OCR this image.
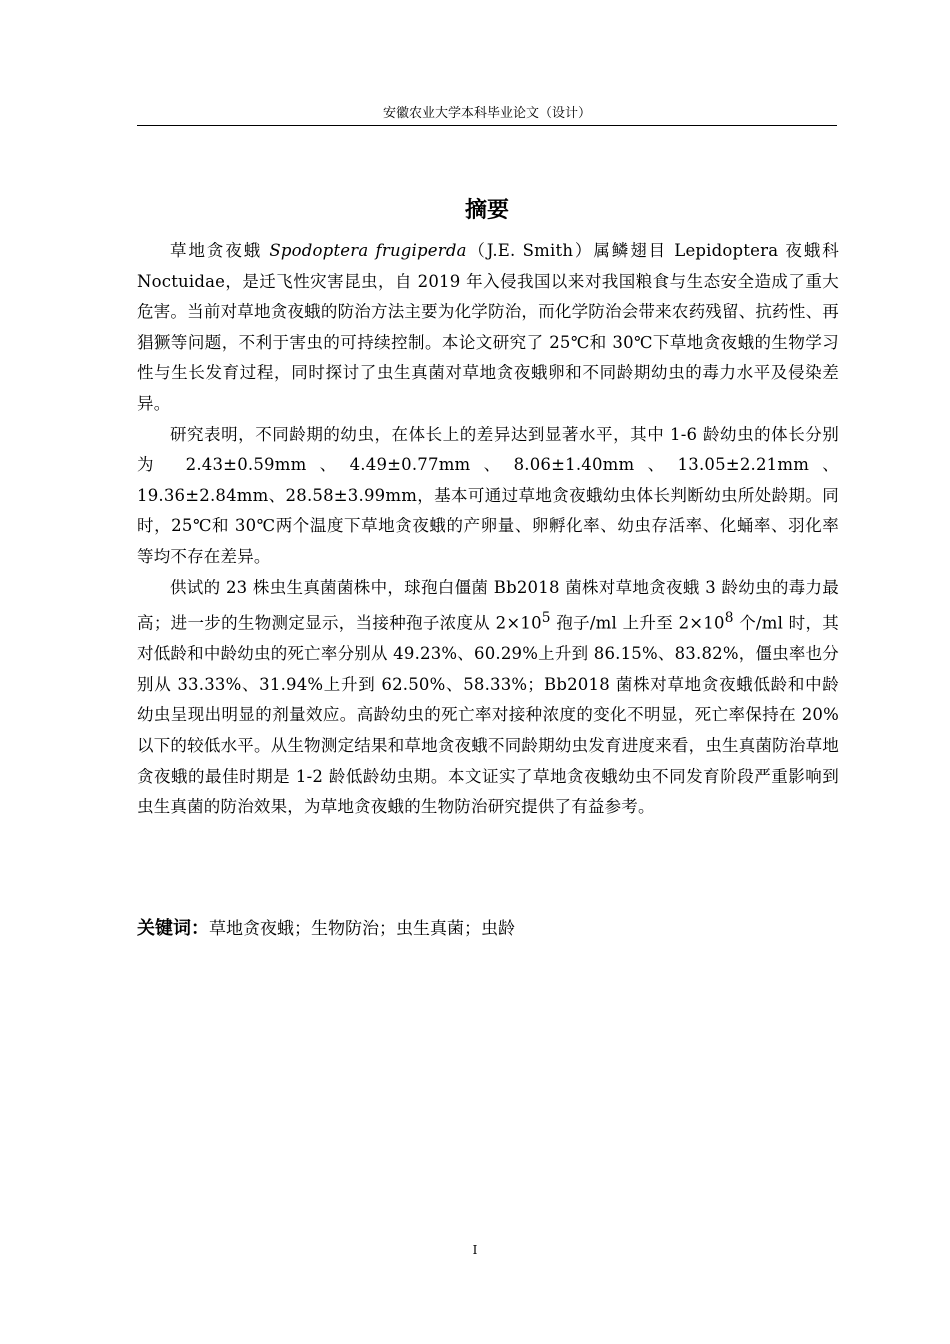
安徽农业大学本科毕业论文（设计）
摘要

草地贪夜蛾 Spodoptera frugiperda（J.E. Smith）属鳞翅目 Lepidoptera 夜蛾科 Noctuidae，是迁飞性灾害昆虫，自 2019 年入侵我国以来对我国粮食与生态安全造成了重大危害。当前对草地贪夜蛾的防治方法主要为化学防治，而化学防治会带来农药残留、抗药性、再猖獗等问题，不利于害虫的可持续控制。本论文研究了 25℃和 30℃下草地贪夜蛾的生物学习性与生长发育过程，同时探讨了虫生真菌对草地贪夜蛾卵和不同龄期幼虫的毒力水平及侵染差异。

研究表明，不同龄期的幼虫，在体长上的差异达到显著水平，其中 1-6 龄幼虫的体长分别为 2.43±0.59mm、4.49±0.77mm、8.06±1.40mm、13.05±2.21mm、19.36±2.84mm、28.58±3.99mm，基本可通过草地贪夜蛾幼虫体长判断幼虫所处龄期。同时，25℃和 30℃两个温度下草地贪夜蛾的产卵量、卵孵化率、幼虫存活率、化蛹率、羽化率等均不存在差异。

供试的 23 株虫生真菌菌株中，球孢白僵菌 Bb2018 菌株对草地贪夜蛾 3 龄幼虫的毒力最高；进一步的生物测定显示，当接种孢子浓度从 $2\times 10^5$ 孢子/ml 上升至 $2\times 10^8$ 个/ml 时，其对低龄和中龄幼虫的死亡率分别从 49.23%、60.29%上升到 86.15%、83.82%，僵虫率也分别从 33.33%、31.94%上升到 62.50%、58.33%；Bb2018 菌株对草地贪夜蛾低龄和中龄幼虫呈现出明显的剂量效应。高龄幼虫的死亡率对接种浓度的变化不明显，死亡率保持在 20%以下的较低水平。从生物测定结果和草地贪夜蛾不同龄期幼虫发育进度来看，虫生真菌防治草地贪夜蛾的最佳时期是 1-2 龄低龄幼虫期。本文证实了草地贪夜蛾幼虫不同发育阶段严重影响到虫生真菌的防治效果，为草地贪夜蛾的生物防治研究提供了有益参考。

关键词：草地贪夜蛾；生物防治；虫生真菌；虫龄
I
